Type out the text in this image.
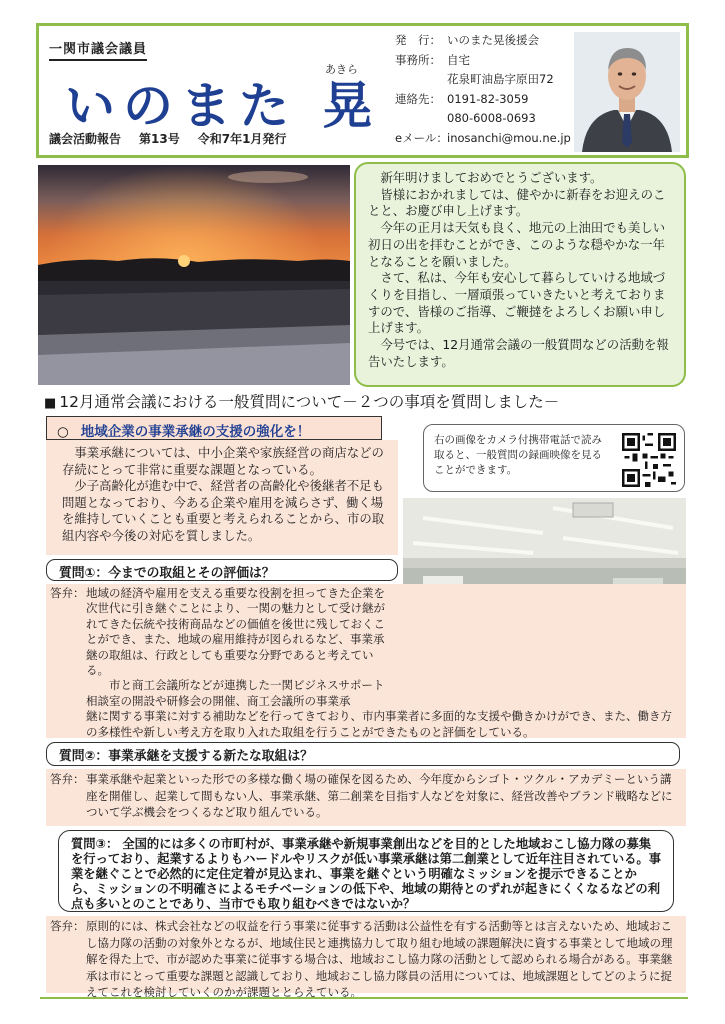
一関市議会議員
あきら
いのまた 晃
議会活動報告 第13号 令和7年1月発行
発　行： いのまた晃後援会
事務所： 自宅
花泉町油島字原田72
連絡先： 0191-82-3059
080-6008-0693
eメール： inosanchi@mou.ne.jp

新年明けましておめでとうございます。

皆様におかれましては、健やかに新春をお迎えのことと、お慶び申し上げます。

今年の正月は天気も良く、地元の上油田でも美しい初日の出を拝むことができ、このような穏やかな一年となることを願いました。

さて、私は、今年も安心して暮らしていける地域づくりを目指し、一層頑張っていきたいと考えておりますので、皆様のご指導、ご鞭撻をよろしくお願い申し上げます。

今号では、12月通常会議の一般質問などの活動を報告いたします。

■ 12月通常会議における一般質問について－２つの事項を質問しました－
○ 地域企業の事業承継の支援の強化を！

事業承継については、中小企業や家族経営の商店などの存続にとって非常に重要な課題となっている。

少子高齢化が進む中で、経営者の高齢化や後継者不足も問題となっており、今ある企業や雇用を減らさず、働く場を維持していくことも重要と考えられることから、市の取組内容や今後の対応を質しました。

右の画像をカメラ付携帯電話で読み取ると、一般質問の録画映像を見ることができます。
質問①：今までの取組とその評価は？
答弁： 地域の経済や雇用を支える重要な役割を担ってきた企業を次世代に引き継ぐことにより、一関の魅力として受け継がれてきた伝統や技術商品などの価値を後世に残しておくことができ、また、地域の雇用維持が図られるなど、事業承継の取組は、行政としても重要な分野であると考えている。

市と商工会議所などが連携した一関ビジネスサポート相談室の開設や研修会の開催、商工会議所の事業承

継に関する事業に対する補助などを行ってきており、市内事業者に多面的な支援や働きかけができ、また、働き方の多様性や新しい考え方を取り入れた取組を行うことができたものと評価をしている。

質問②：事業承継を支援する新たな取組は？
答弁： 事業承継や起業といった形での多様な働く場の確保を図るため、今年度からシゴト・ツクル・アカデミーという講座を開催し、起業して間もない人、事業承継、第二創業を目指す人などを対象に、経営改善やブランド戦略などについて学ぶ機会をつくるなど取り組んでいる。
質問③： 全国的には多くの市町村が、事業承継や新規事業創出などを目的とした地域おこし協力隊の募集を行っており、起業するよりもハードルやリスクが低い事業承継は第二創業として近年注目されている。事業を継ぐことで必然的に定住定着が見込まれ、事業を継ぐという明確なミッションを提示できることから、ミッションの不明確さによるモチベーションの低下や、地域の期待とのずれが起きにくくなるなどの利点も多いとのことであり、当市でも取り組むべきではないか？
答弁： 原則的には、株式会社などの収益を行う事業に従事する活動は公益性を有する活動等とは言えないため、地域おこし協力隊の活動の対象外となるが、地域住民と連携協力して取り組む地域の課題解決に資する事業として地域の理解を得た上で、市が認めた事業に従事する場合は、地域おこし協力隊の活動として認められる場合がある。事業継承は市にとって重要な課題と認識しており、地域おこし協力隊員の活用については、地域課題としてどのように捉えてこれを検討していくのかが課題ととらえている。
